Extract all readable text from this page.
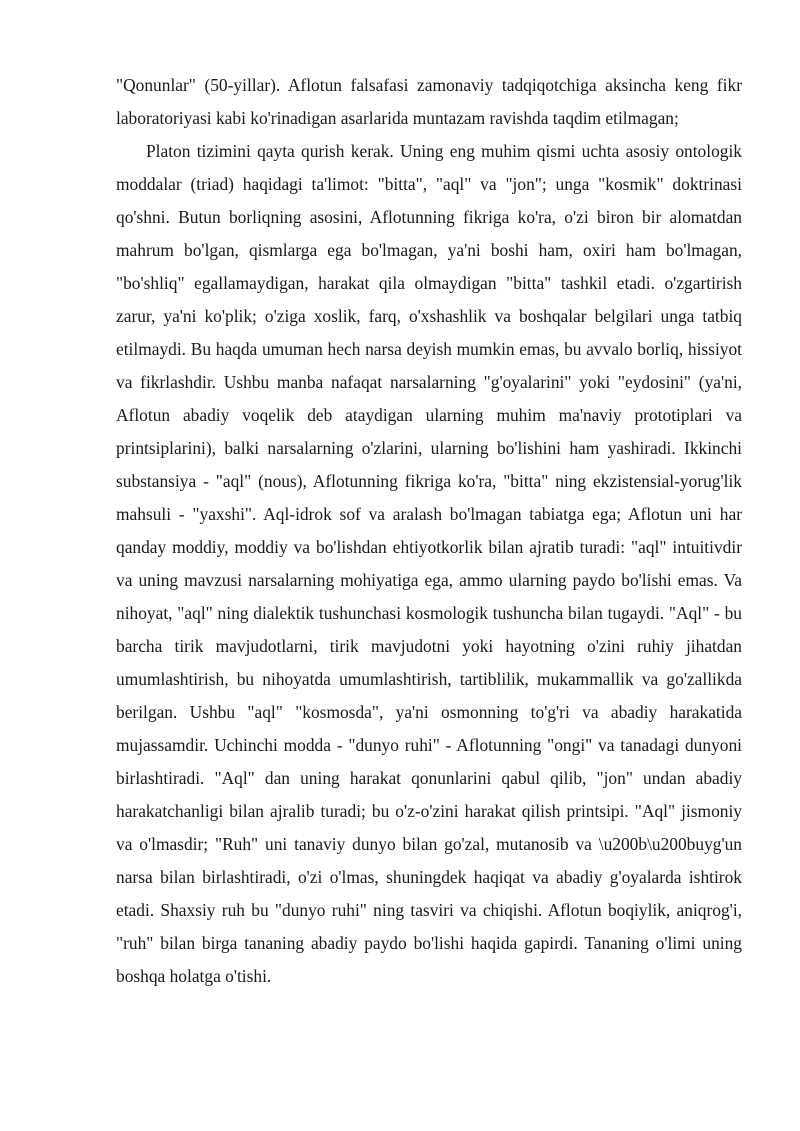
"Qonunlar" (50-yillar). Aflotun falsafasi zamonaviy tadqiqotchiga aksincha keng fikr laboratoriyasi kabi ko'rinadigan asarlarida muntazam ravishda taqdim etilmagan;

Platon tizimini qayta qurish kerak. Uning eng muhim qismi uchta asosiy ontologik moddalar (triad) haqidagi ta'limot: "bitta", "aql" va "jon"; unga "kosmik" doktrinasi qo'shni. Butun borliqning asosini, Aflotunning fikriga ko'ra, o'zi biron bir alomatdan mahrum bo'lgan, qismlarga ega bo'lmagan, ya'ni boshi ham, oxiri ham bo'lmagan, "bo'shliq" egallamaydigan, harakat qila olmaydigan "bitta" tashkil etadi. o'zgartirish zarur, ya'ni ko'plik; o'ziga xoslik, farq, o'xshashlik va boshqalar belgilari unga tatbiq etilmaydi. Bu haqda umuman hech narsa deyish mumkin emas, bu avvalo borliq, hissiyot va fikrlashdir. Ushbu manba nafaqat narsalarning "g'oyalarini" yoki "eydosini" (ya'ni, Aflotun abadiy voqelik deb ataydigan ularning muhim ma'naviy prototiplari va printsiplarini), balki narsalarning o'zlarini, ularning bo'lishini ham yashiradi. Ikkinchi substansiya - "aql" (nous), Aflotunning fikriga ko'ra, "bitta" ning ekzistensial-yorug'lik mahsuli - "yaxshi". Aql-idrok sof va aralash bo'lmagan tabiatga ega; Aflotun uni har qanday moddiy, moddiy va bo'lishdan ehtiyotkorlik bilan ajratib turadi: "aql" intuitivdir va uning mavzusi narsalarning mohiyatiga ega, ammo ularning paydo bo'lishi emas. Va nihoyat, "aql" ning dialektik tushunchasi kosmologik tushuncha bilan tugaydi. "Aql" - bu barcha tirik mavjudotlarni, tirik mavjudotni yoki hayotning o'zini ruhiy jihatdan umumlashtirish, bu nihoyatda umumlashtirish, tartiblilik, mukammallik va go'zallikda berilgan. Ushbu "aql" "kosmosda", ya'ni osmonning to'g'ri va abadiy harakatida mujassamdir. Uchinchi modda - "dunyo ruhi" - Aflotunning "ongi" va tanadagi dunyoni birlashtiradi. "Aql" dan uning harakat qonunlarini qabul qilib, "jon" undan abadiy harakatchanligi bilan ajralib turadi; bu o'z-o'zini harakat qilish printsipi. "Aql" jismoniy va o'lmasdir; "Ruh" uni tanaviy dunyo bilan go'zal, mutanosib va \u200b\u200buyg'un narsa bilan birlashtiradi, o'zi o'lmas, shuningdek haqiqat va abadiy g'oyalarda ishtirok etadi. Shaxsiy ruh bu "dunyo ruhi" ning tasviri va chiqishi. Aflotun boqiylik, aniqrog'i, "ruh" bilan birga tananing abadiy paydo bo'lishi haqida gapirdi. Tananing o'limi uning boshqa holatga o'tishi.
